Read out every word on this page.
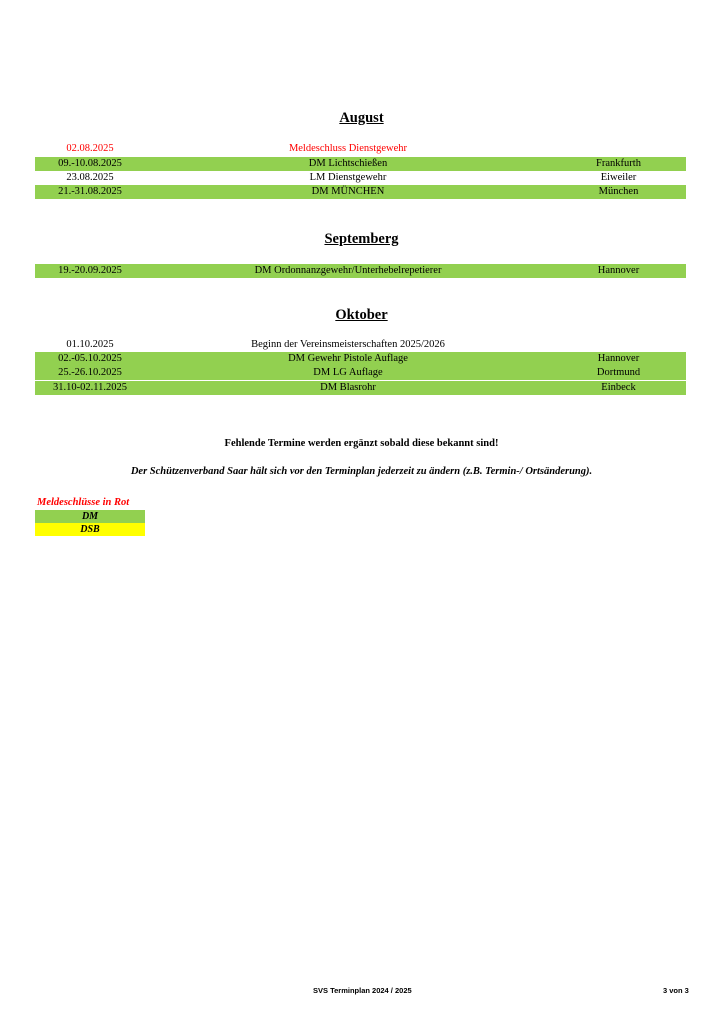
August
02.08.2025	Meldeschluss Dienstgewehr
09.-10.08.2025	DM Lichtschießen	Frankfurth
23.08.2025	LM Dienstgewehr	Eiweiler
21.-31.08.2025	DM MÜNCHEN	München
Septemberg
19.-20.09.2025	DM Ordonnanzgewehr/Unterhebelrepetierer	Hannover
Oktober
01.10.2025	Beginn der Vereinsmeisterschaften 2025/2026
02.-05.10.2025	DM Gewehr Pistole Auflage	Hannover
25.-26.10.2025	DM LG Auflage	Dortmund
31.10-02.11.2025	DM Blasrohr	Einbeck
Fehlende Termine werden ergänzt sobald diese bekannt sind!
Der Schützenverband Saar hält sich vor den Terminplan jederzeit zu ändern (z.B. Termin-/ Ortsänderung).
Meldeschlüsse in Rot
DM
DSB
SVS Terminplan 2024 / 2025	3 von 3
